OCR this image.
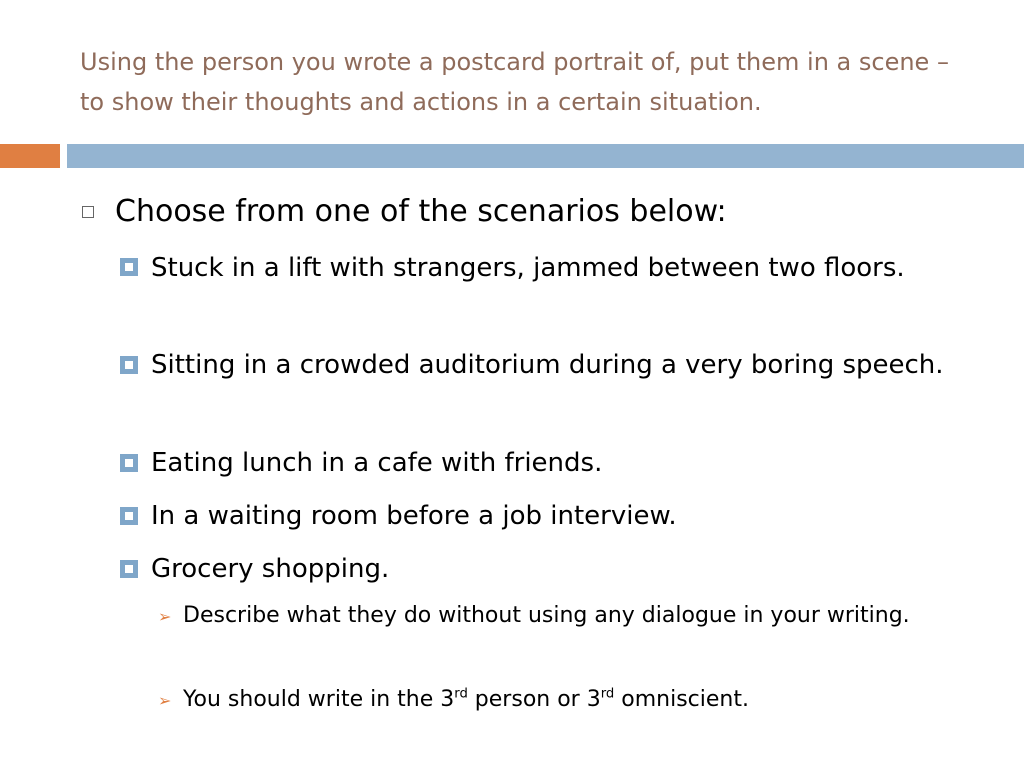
Using the person you wrote a postcard portrait of, put them in a scene – to show their thoughts and actions in a certain situation.
Choose from one of the scenarios below:
Stuck in a lift with strangers, jammed between two floors.
Sitting in a crowded auditorium during a very boring speech.
Eating lunch in a cafe with friends.
In a waiting room before a job interview.
Grocery shopping.
➢ Describe what they do without using any dialogue in your writing.
➢ You should write in the 3rd person or 3rd omniscient.
